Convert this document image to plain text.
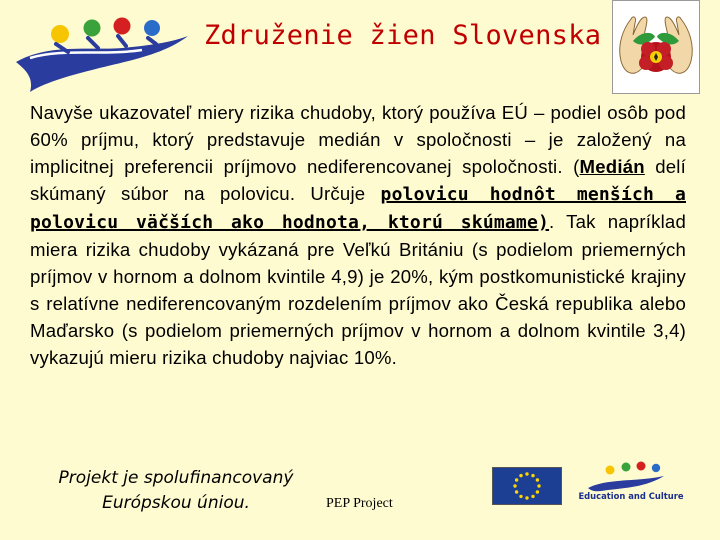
Združenie žien Slovenska
Navyše ukazovateľ miery rizika chudoby, ktorý používa EÚ – podiel osôb pod 60% príjmu, ktorý predstavuje medián v spoločnosti – je založený na implicitnej preferencii príjmovo nediferencovanej spoločnosti. (Medián delí skúmaný súbor na polovicu. Určuje polovicu hodnôt menších a polovicu väčších ako hodnota, ktorú skúmame). Tak napríklad miera rizika chudoby vykázaná pre Veľkú Britániu (s podielom priemerných príjmov v hornom a dolnom kvintile 4,9) je 20%, kým postkomunistické krajiny s relatívne nediferencovaným rozdelením príjmov ako Česká republika alebo Maďarsko (s podielom priemerných príjmov v hornom a dolnom kvintile 3,4) vykazujú mieru rizika chudoby najviac 10%.
Projekt je spolufinancovaný
Európskou úniou.	PEP Project	Education and Culture
